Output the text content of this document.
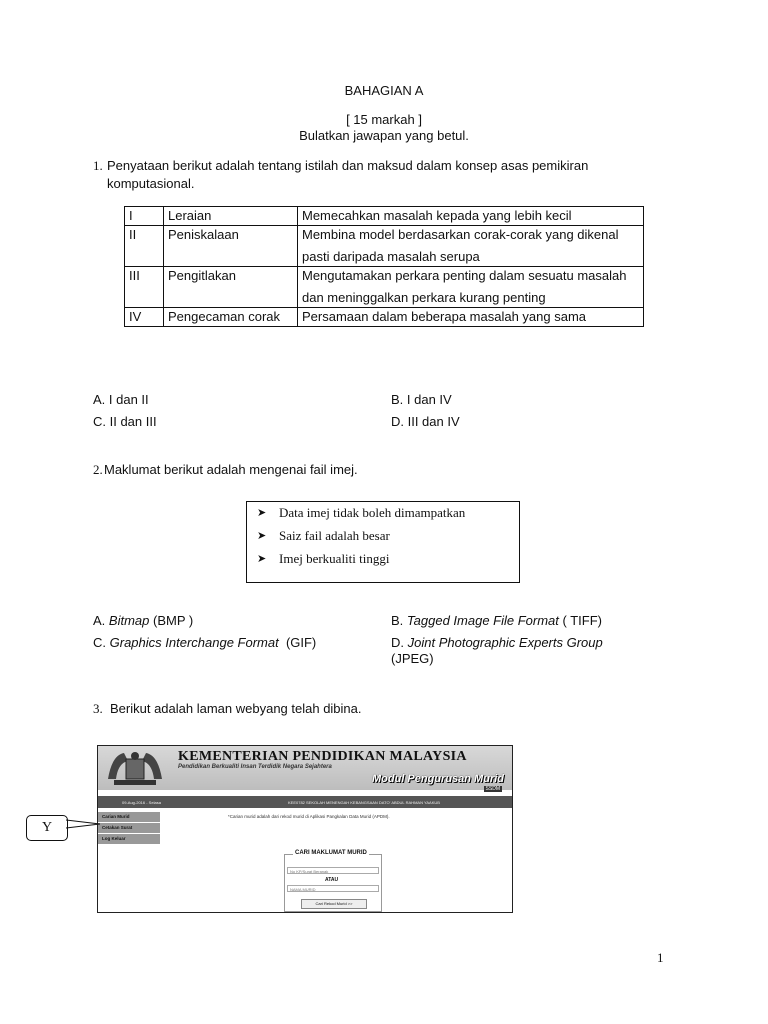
BAHAGIAN A
[ 15 markah ]
Bulatkan jawapan yang betul.
1. Penyataan berikut adalah tentang istilah dan maksud dalam konsep asas pemikiran
komputasional.
I	Leraian	Memecahkan masalah kepada yang lebih kecil
II	Peniskalaan	Membina model berdasarkan corak-corak yang dikenal
pasti daripada masalah serupa

III	Pengitlakan	Mengutamakan perkara penting dalam sesuatu masalah
dan meninggalkan perkara kurang penting

IV	Pengecaman corak	Persamaan dalam beberapa masalah yang sama
A. I dan II	B. I dan IV
C. II dan III	D. III dan IV
2. Maklumat berikut adalah mengenai fail imej.
➤ Data imej tidak boleh dimampatkan
➤ Saiz fail adalah besar
➤ Imej berkualiti tinggi
A. Bitmap (BMP )	B. Tagged Image File Format ( TIFF)
C. Graphics Interchange Format  (GIF)	D. Joint Photographic Experts Group
(JPEG)
3. Berikut adalah laman webyang telah dibina.
KEMENTERIAN PENDIDIKAN MALAYSIA
Pendidikan Berkualiti Insan Terdidik Negara Sejahtera
Modul Pengurusan Murid
SSDM
09-Aug-2016 - Selasa	KEE0782 SEKOLAH MENENGAH KEBANGSAAN DATO' ABDUL RAHMAN YAAKUB
Carian Murid
Cetakan Surat
Log Keluar
*Carian murid adalah dari rekod murid di Aplikasi Pangkalan Data Murid (APDM).
CARI MAKLUMAT MURID
No KP/Surat Beranak
ATAU
NAMA MURID
Cari Rekod Murid >>
Y
1
